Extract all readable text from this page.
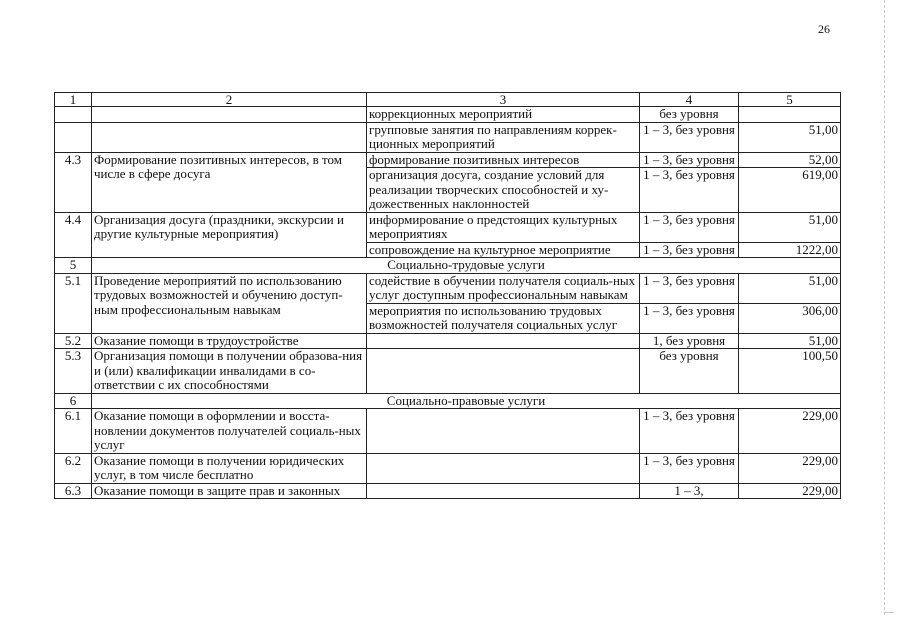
26
1	2	3	4	5
		коррекционных мероприятий	без уровня	
		групповые занятия по направлениям коррек-ционных мероприятий	1 – 3, без уровня	51,00
4.3	Формирование позитивных интересов, в том числе в сфере досуга	формирование позитивных интересов	1 – 3, без уровня	52,00
		организация досуга, создание условий для реализации творческих способностей и ху-дожественных наклонностей	1 – 3, без уровня	619,00
4.4	Организация досуга (праздники, экскурсии и другие культурные мероприятия)	информирование о предстоящих культурных мероприятиях	1 – 3, без уровня	51,00
		сопровождение на культурное мероприятие	1 – 3, без уровня	1222,00
5	Социально-трудовые услуги			
5.1	Проведение мероприятий по использованию трудовых возможностей и обучению доступ-ным профессиональным навыкам	содействие в обучении получателя социаль-ных услуг доступным профессиональным навыкам	1 – 3, без уровня	51,00
		мероприятия по использованию трудовых возможностей получателя социальных услуг	1 – 3, без уровня	306,00
5.2	Оказание помощи в трудоустройстве		1, без уровня	51,00
5.3	Организация помощи в получении образова-ния и (или) квалификации инвалидами в со-ответствии с их способностями		без уровня	100,50
6	Социально-правовые услуги			
6.1	Оказание помощи в оформлении и восста-новлении документов получателей социаль-ных услуг		1 – 3, без уровня	229,00
6.2	Оказание помощи в получении юридических услуг, в том числе бесплатно		1 – 3, без уровня	229,00
6.3	Оказание помощи в защите прав и законных		1 – 3,	229,00
